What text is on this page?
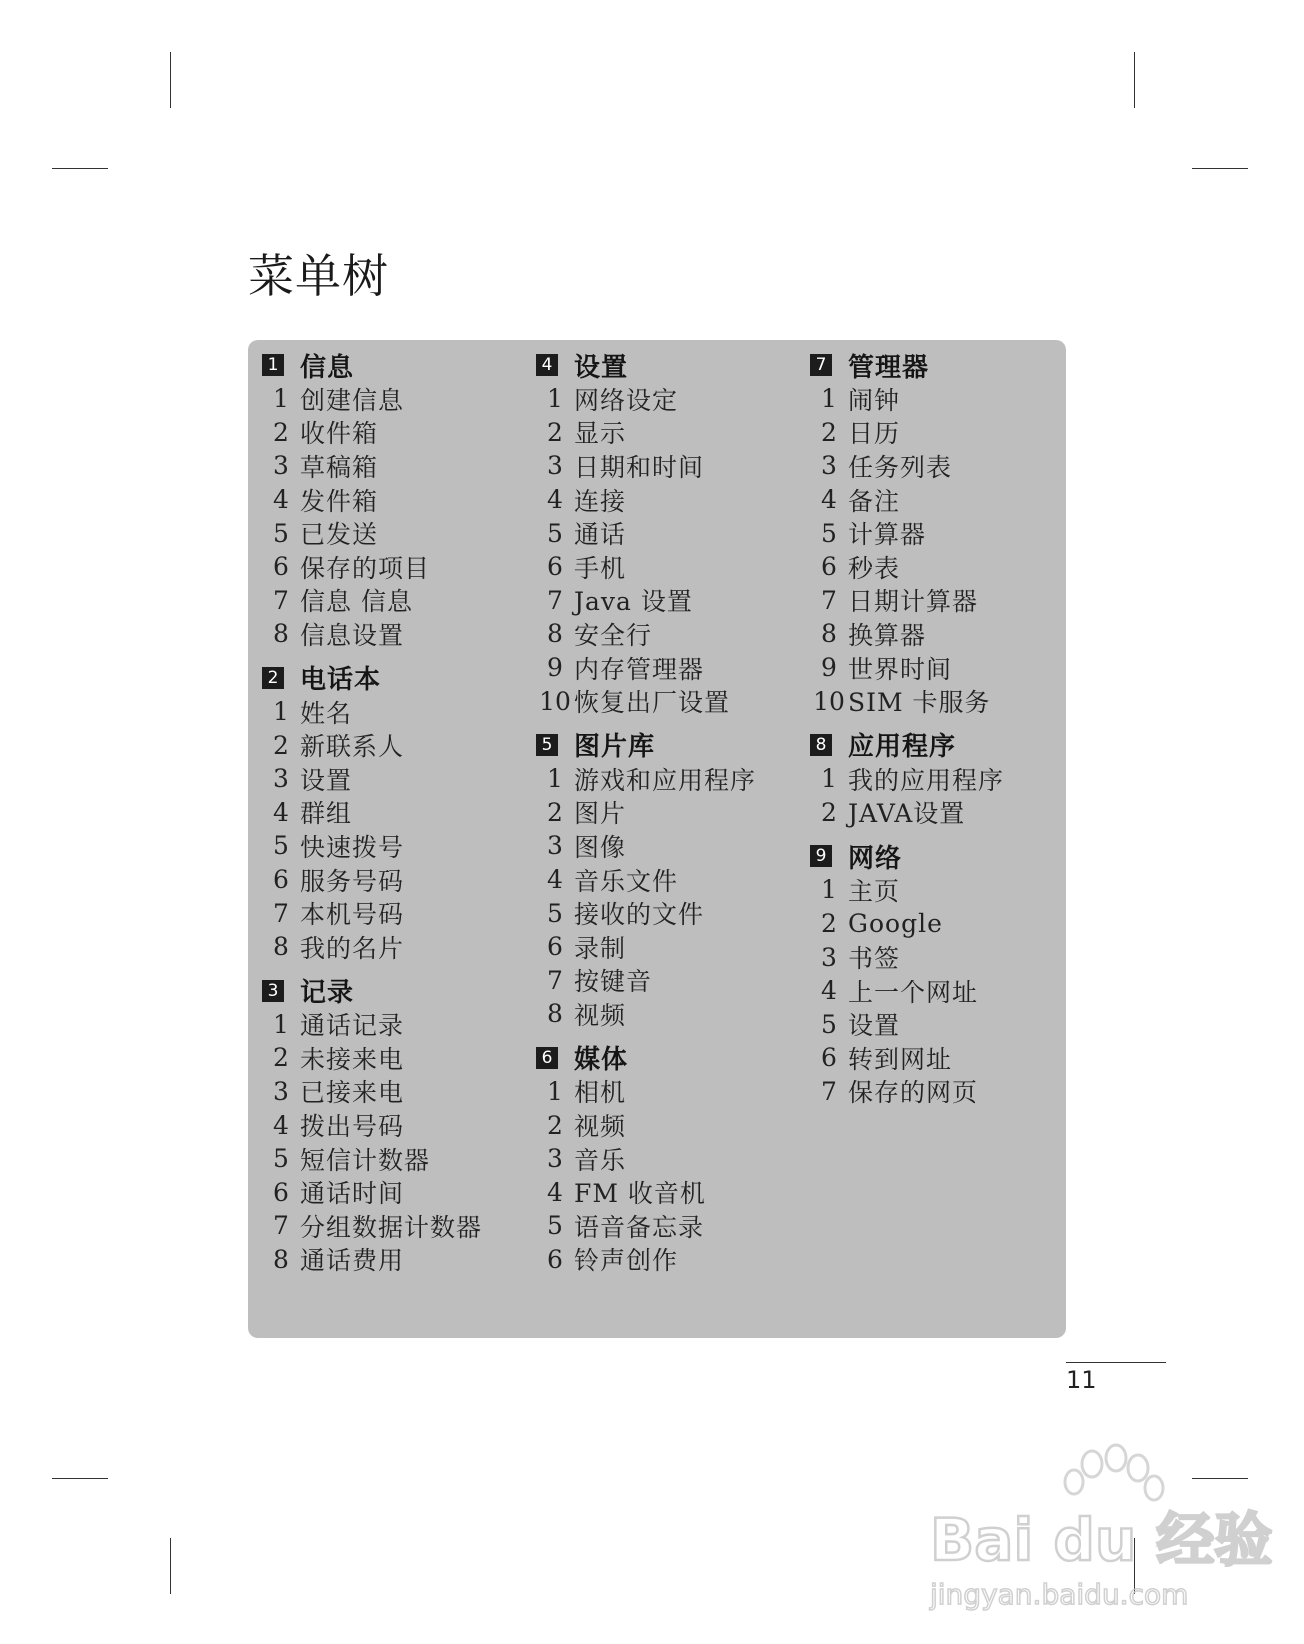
菜单树
1 信息
1 创建信息
2 收件箱
3 草稿箱
4 发件箱
5 已发送
6 保存的项目
7 信息 信息
8 信息设置
2 电话本
1 姓名
2 新联系人
3 设置
4 群组
5 快速拨号
6 服务号码
7 本机号码
8 我的名片
3 记录
1 通话记录
2 未接来电
3 已接来电
4 拨出号码
5 短信计数器
6 通话时间
7 分组数据计数器
8 通话费用
4 设置
1 网络设定
2 显示
3 日期和时间
4 连接
5 通话
6 手机
7 Java 设置
8 安全行
9 内存管理器
10 恢复出厂设置
5 图片库
1 游戏和应用程序
2 图片
3 图像
4 音乐文件
5 接收的文件
6 录制
7 按键音
8 视频
6 媒体
1 相机
2 视频
3 音乐
4 FM 收音机
5 语音备忘录
6 铃声创作
7 管理器
1 闹钟
2 日历
3 任务列表
4 备注
5 计算器
6 秒表
7 日期计算器
8 换算器
9 世界时间
10 SIM 卡服务
8 应用程序
1 我的应用程序
2 JAVA设置
9 网络
1 主页
2 Google
3 书签
4 上一个网址
5 设置
6 转到网址
7 保存的网页
11
Bai du 经验
jingyan.baidu.com
